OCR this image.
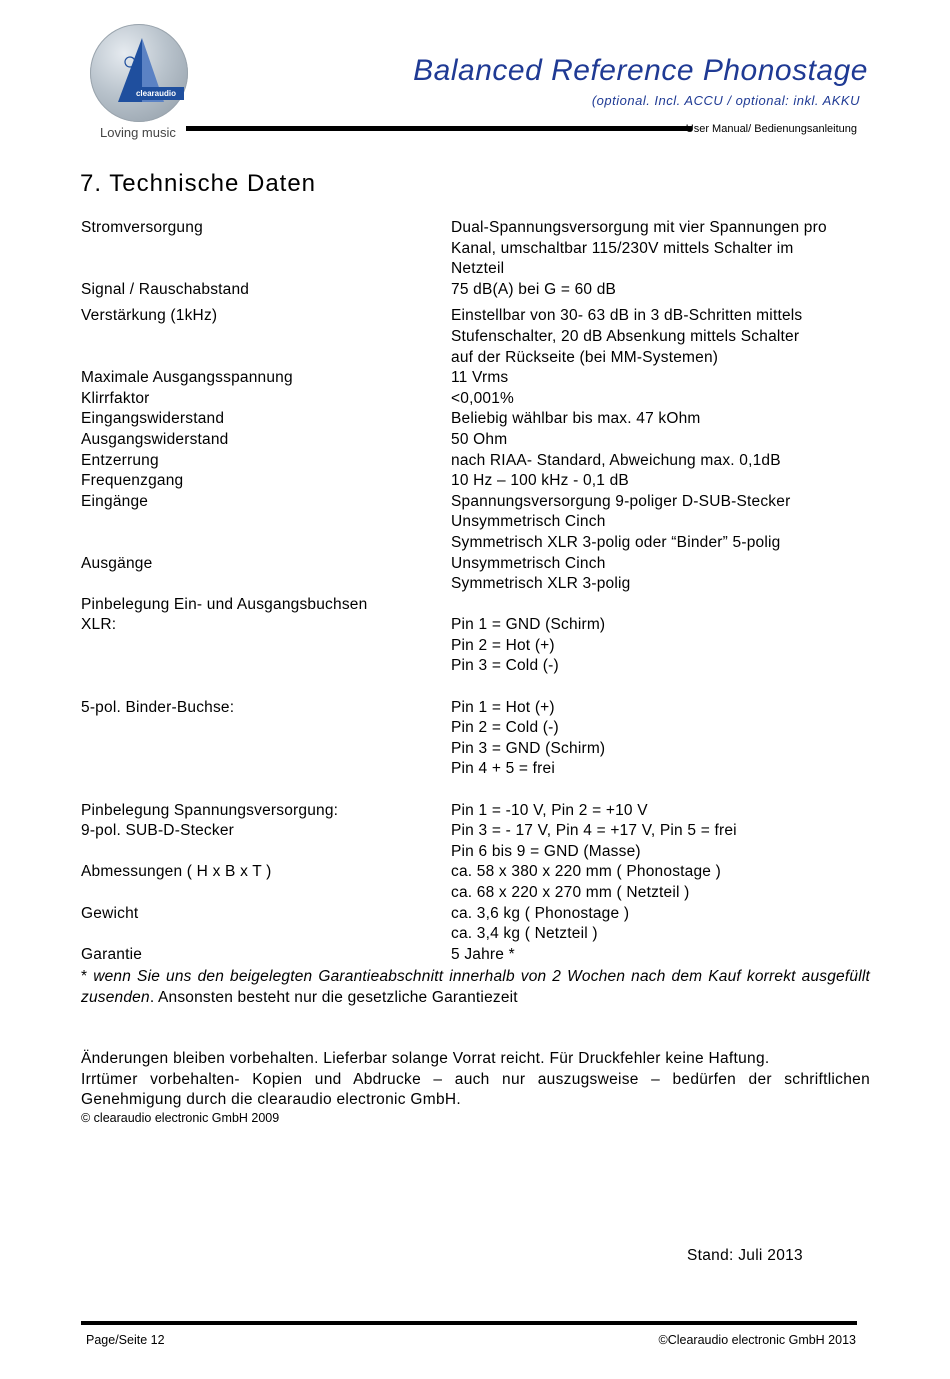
clearaudio
Loving music
Balanced Reference Phonostage
(optional. Incl. ACCU / optional: inkl. AKKU
User Manual/ Bedienungsanleitung
7. Technische Daten
Stromversorgung	Dual-Spannungsversorgung mit vier Spannungen pro
Kanal, umschaltbar 115/230V mittels Schalter im
Netzteil
Signal / Rauschabstand	75 dB(A) bei G = 60 dB
Verstärkung (1kHz)	Einstellbar von 30- 63 dB in 3 dB-Schritten mittels
Stufenschalter, 20 dB Absenkung mittels Schalter
auf der Rückseite (bei MM-Systemen)
Maximale Ausgangsspannung	11 Vrms
Klirrfaktor	<0,001%
Eingangswiderstand	Beliebig wählbar bis max. 47 kOhm
Ausgangswiderstand	50 Ohm
Entzerrung	nach RIAA- Standard, Abweichung max. 0,1dB
Frequenzgang	10 Hz – 100 kHz - 0,1 dB
Eingänge	Spannungsversorgung 9-poliger D-SUB-Stecker
Unsymmetrisch Cinch
Symmetrisch XLR 3-polig oder “Binder” 5-polig
Ausgänge	Unsymmetrisch Cinch
Symmetrisch XLR 3-polig
Pinbelegung Ein- und Ausgangsbuchsen
XLR:	Pin 1 = GND (Schirm)
Pin 2 = Hot (+)
Pin 3 = Cold (-)
5-pol. Binder-Buchse:	Pin 1 = Hot (+)
Pin 2 = Cold (-)
Pin 3 = GND (Schirm)
Pin 4 + 5 = frei
Pinbelegung Spannungsversorgung:	Pin 1 = -10 V, Pin 2 = +10 V
9-pol. SUB-D-Stecker	Pin 3 = - 17 V, Pin 4 = +17 V, Pin 5 = frei
Pin 6 bis 9 = GND (Masse)
Abmessungen ( H x B x T )	ca. 58 x 380 x 220 mm ( Phonostage )
ca. 68 x 220 x 270 mm ( Netzteil )
Gewicht	ca. 3,6 kg ( Phonostage )
ca. 3,4 kg ( Netzteil )
Garantie	5 Jahre *
* wenn Sie uns den beigelegten Garantieabschnitt innerhalb von 2 Wochen nach dem Kauf korrekt ausgefüllt zusenden. Ansonsten besteht nur die gesetzliche Garantiezeit
Änderungen bleiben vorbehalten. Lieferbar solange Vorrat reicht. Für Druckfehler keine Haftung.
Irrtümer vorbehalten- Kopien und Abdrucke – auch nur auszugsweise – bedürfen der schriftlichen Genehmigung durch die clearaudio electronic GmbH.
© clearaudio electronic GmbH 2009
Stand: Juli 2013
Page/Seite 12	©Clearaudio electronic GmbH 2013
